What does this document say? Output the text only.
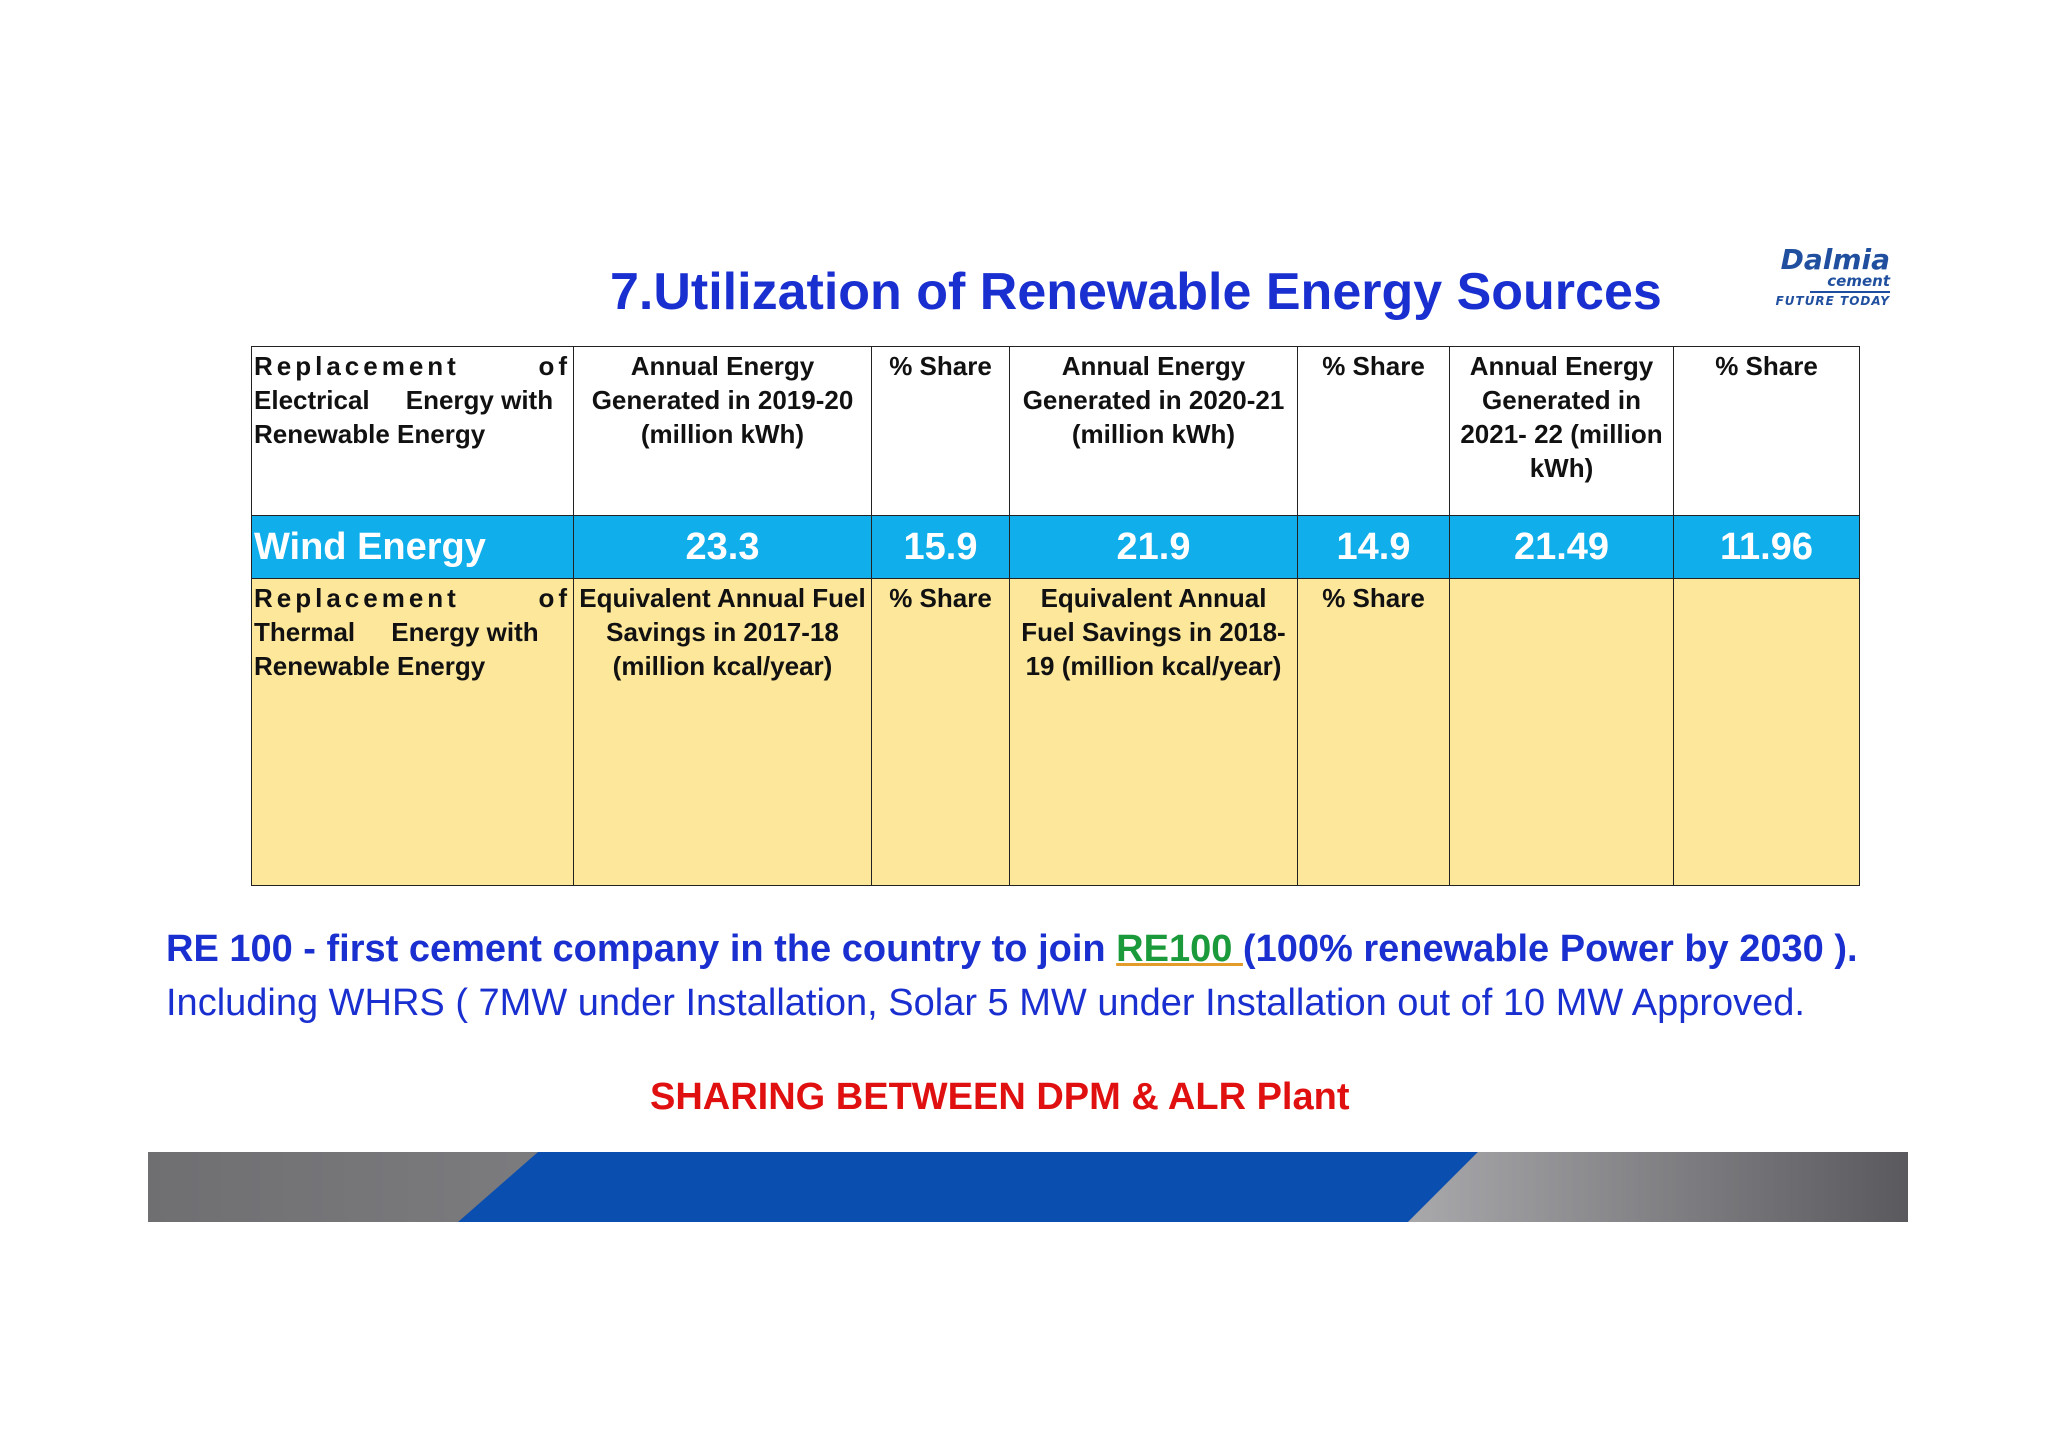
7.Utilization of Renewable Energy Sources
Dalmia
cement
FUTURE TODAY
Replacement of
Electrical     Energy with Renewable Energy	Annual Energy Generated in 2019-20 (million kWh)	% Share	Annual Energy Generated in 2020-21 (million kWh)	% Share	Annual Energy Generated in 2021- 22 (million kWh)	% Share
Wind Energy	23.3	15.9	21.9	14.9	21.49	11.96

Replacement of
Thermal     Energy with Renewable Energy	Equivalent Annual Fuel Savings in 2017-18 (million kcal/year)	% Share	Equivalent Annual Fuel Savings in 2018-19 (million kcal/year)	% Share		
RE 100 - first cement company in the country to join RE100 (100% renewable Power by 2030 ).
Including WHRS ( 7MW under Installation, Solar 5 MW under Installation out of 10 MW Approved.
SHARING BETWEEN DPM & ALR Plant
